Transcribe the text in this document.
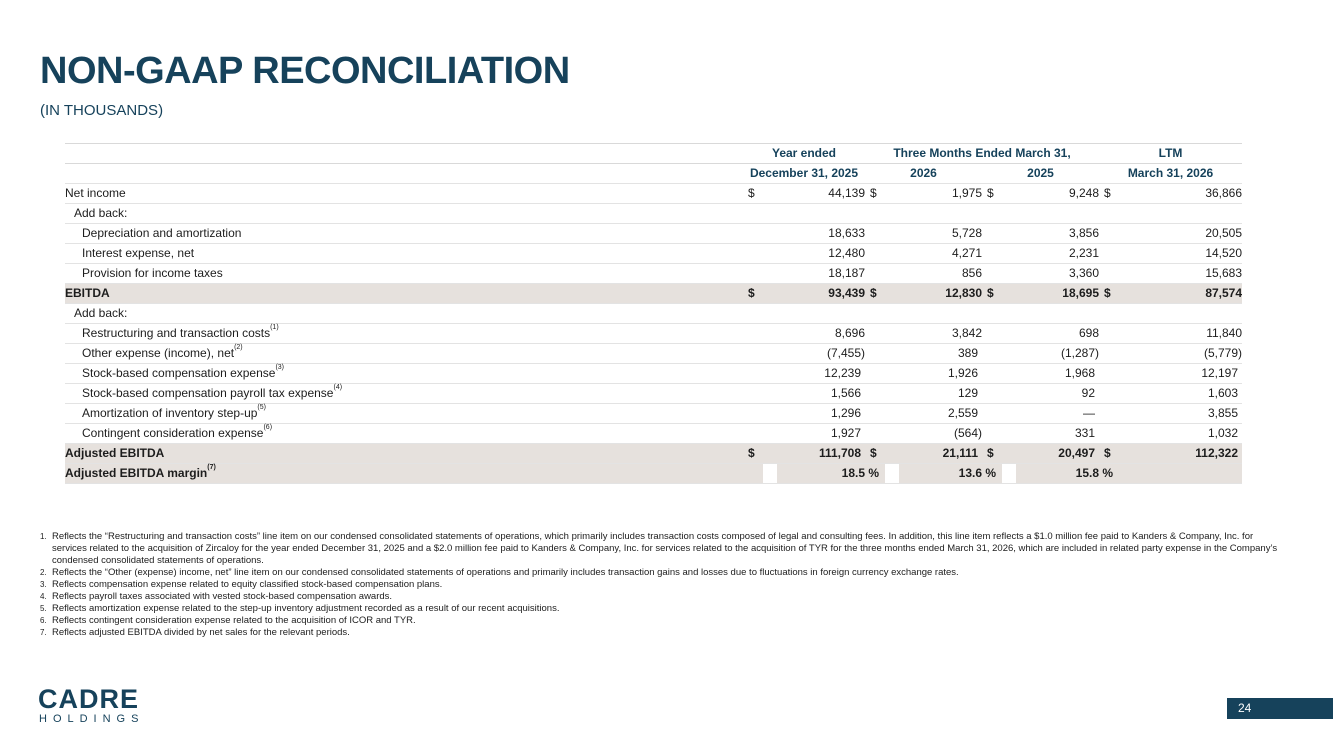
NON-GAAP RECONCILIATION
(IN THOUSANDS)
	Year ended	Three Months Ended March 31,	LTM
	December 31, 2025	2026	2025	March 31, 2026
Net income	$	44,139	$	1,975	$	9,248	$	36,866
Add back:								
Depreciation and amortization		18,633		5,728		3,856		20,505
Interest expense, net		12,480		4,271		2,231		14,520
Provision for income taxes		18,187		856		3,360		15,683
EBITDA	$	93,439	$	12,830	$	18,695	$	87,574
Add back:								
Restructuring and transaction costs$^{(1)}$		8,696		3,842		698		11,840
Other expense (income), net$^{(2)}$		(7,455)		389		(1,287)		(5,779)
Stock-based compensation expense$^{(3)}$		12,239		1,926		1,968		12,197
Stock-based compensation payroll tax expense$^{(4)}$		1,566		129		92		1,603
Amortization of inventory step-$up^{(5)}$		1,296		2,559		—		3,855
Contingent consideration expense$^{(6)}$		1,927		(564)		331		1,032
Adjusted EBITDA	$	111,708	$	21,111	$	20,497	$	112,322
Adjusted EBITDA margin$^{(7)}$		18.5 %		13.6 %		15.8 %		
1. Reflects the “Restructuring and transaction costs” line item on our condensed consolidated statements of operations, which primarily includes transaction costs composed of legal and consulting fees. In addition, this line item reflects a $1.0 million fee paid to Kanders & Company, Inc. for services related to the acquisition of Zircaloy for the year ended December 31, 2025 and a $2.0 million fee paid to Kanders & Company, Inc. for services related to the acquisition of TYR for the three months ended March 31, 2026, which are included in related party expense in the Company’s condensed consolidated statements of operations.
2. Reflects the “Other (expense) income, net” line item on our condensed consolidated statements of operations and primarily includes transaction gains and losses due to fluctuations in foreign currency exchange rates.
3. Reflects compensation expense related to equity classified stock-based compensation plans.
4. Reflects payroll taxes associated with vested stock-based compensation awards.
5. Reflects amortization expense related to the step-up inventory adjustment recorded as a result of our recent acquisitions.
6. Reflects contingent consideration expense related to the acquisition of ICOR and TYR.
7. Reflects adjusted EBITDA divided by net sales for the relevant periods.
CADRE
HOLDINGS
24
